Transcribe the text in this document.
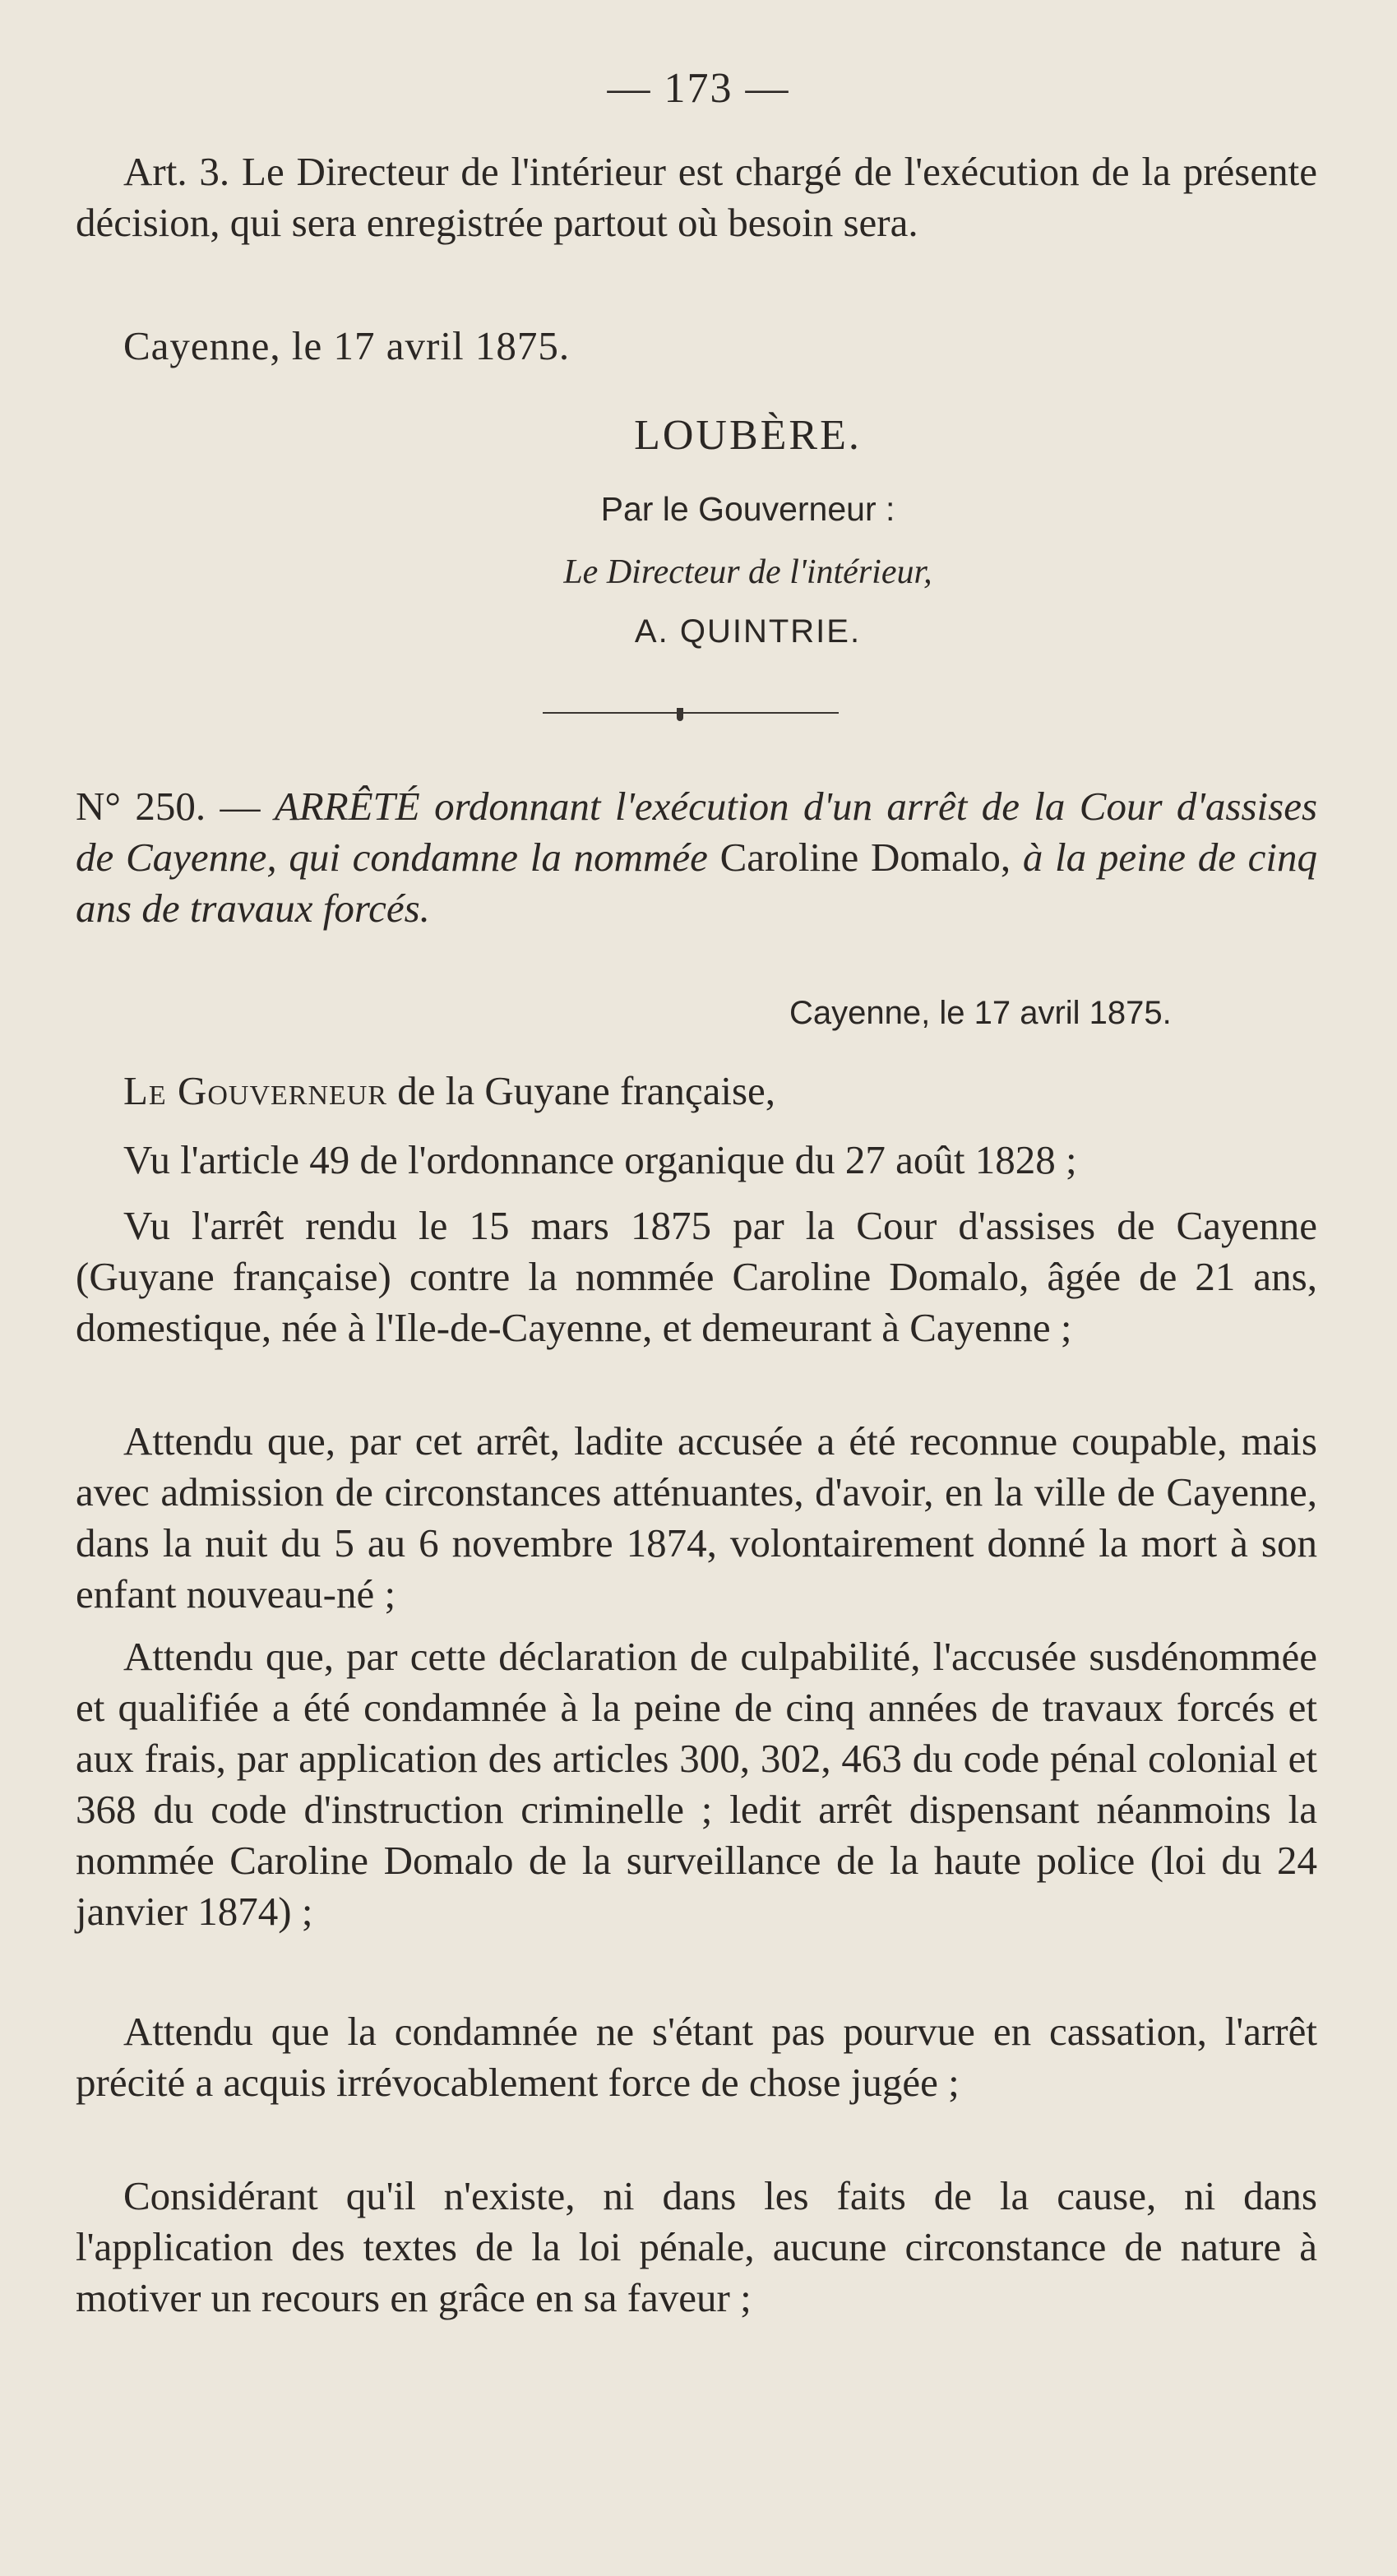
— 173 —

Art. 3. Le Directeur de l'intérieur est chargé de l'exécution de la présente décision, qui sera enregistrée partout où besoin sera.

Cayenne, le 17 avril 1875.
LOUBÈRE.
Par le Gouverneur :
Le Directeur de l'intérieur,
A. QUINTRIE.

N° 250. — ARRÊTÉ ordonnant l'exécution d'un arrêt de la Cour d'assises de Cayenne, qui condamne la nommée Caroline Domalo, à la peine de cinq ans de travaux forcés.

Cayenne, le 17 avril 1875.

Le Gouverneur de la Guyane française,

Vu l'article 49 de l'ordonnance organique du 27 août 1828 ;

Vu l'arrêt rendu le 15 mars 1875 par la Cour d'assises de Cayenne (Guyane française) contre la nommée Caroline Domalo, âgée de 21 ans, domestique, née à l'Ile-de-Cayenne, et demeurant à Cayenne ;

Attendu que, par cet arrêt, ladite accusée a été reconnue coupable, mais avec admission de circonstances atténuantes, d'avoir, en la ville de Cayenne, dans la nuit du 5 au 6 novembre 1874, volontairement donné la mort à son enfant nouveau-né ;

Attendu que, par cette déclaration de culpabilité, l'accusée susdénommée et qualifiée a été condamnée à la peine de cinq années de travaux forcés et aux frais, par application des articles 300, 302, 463 du code pénal colonial et 368 du code d'instruction criminelle ; ledit arrêt dispensant néanmoins la nommée Caroline Domalo de la surveillance de la haute police (loi du 24 janvier 1874) ;

Attendu que la condamnée ne s'étant pas pourvue en cassation, l'arrêt précité a acquis irrévocablement force de chose jugée ;

Considérant qu'il n'existe, ni dans les faits de la cause, ni dans l'application des textes de la loi pénale, aucune circonstance de nature à motiver un recours en grâce en sa faveur ;
